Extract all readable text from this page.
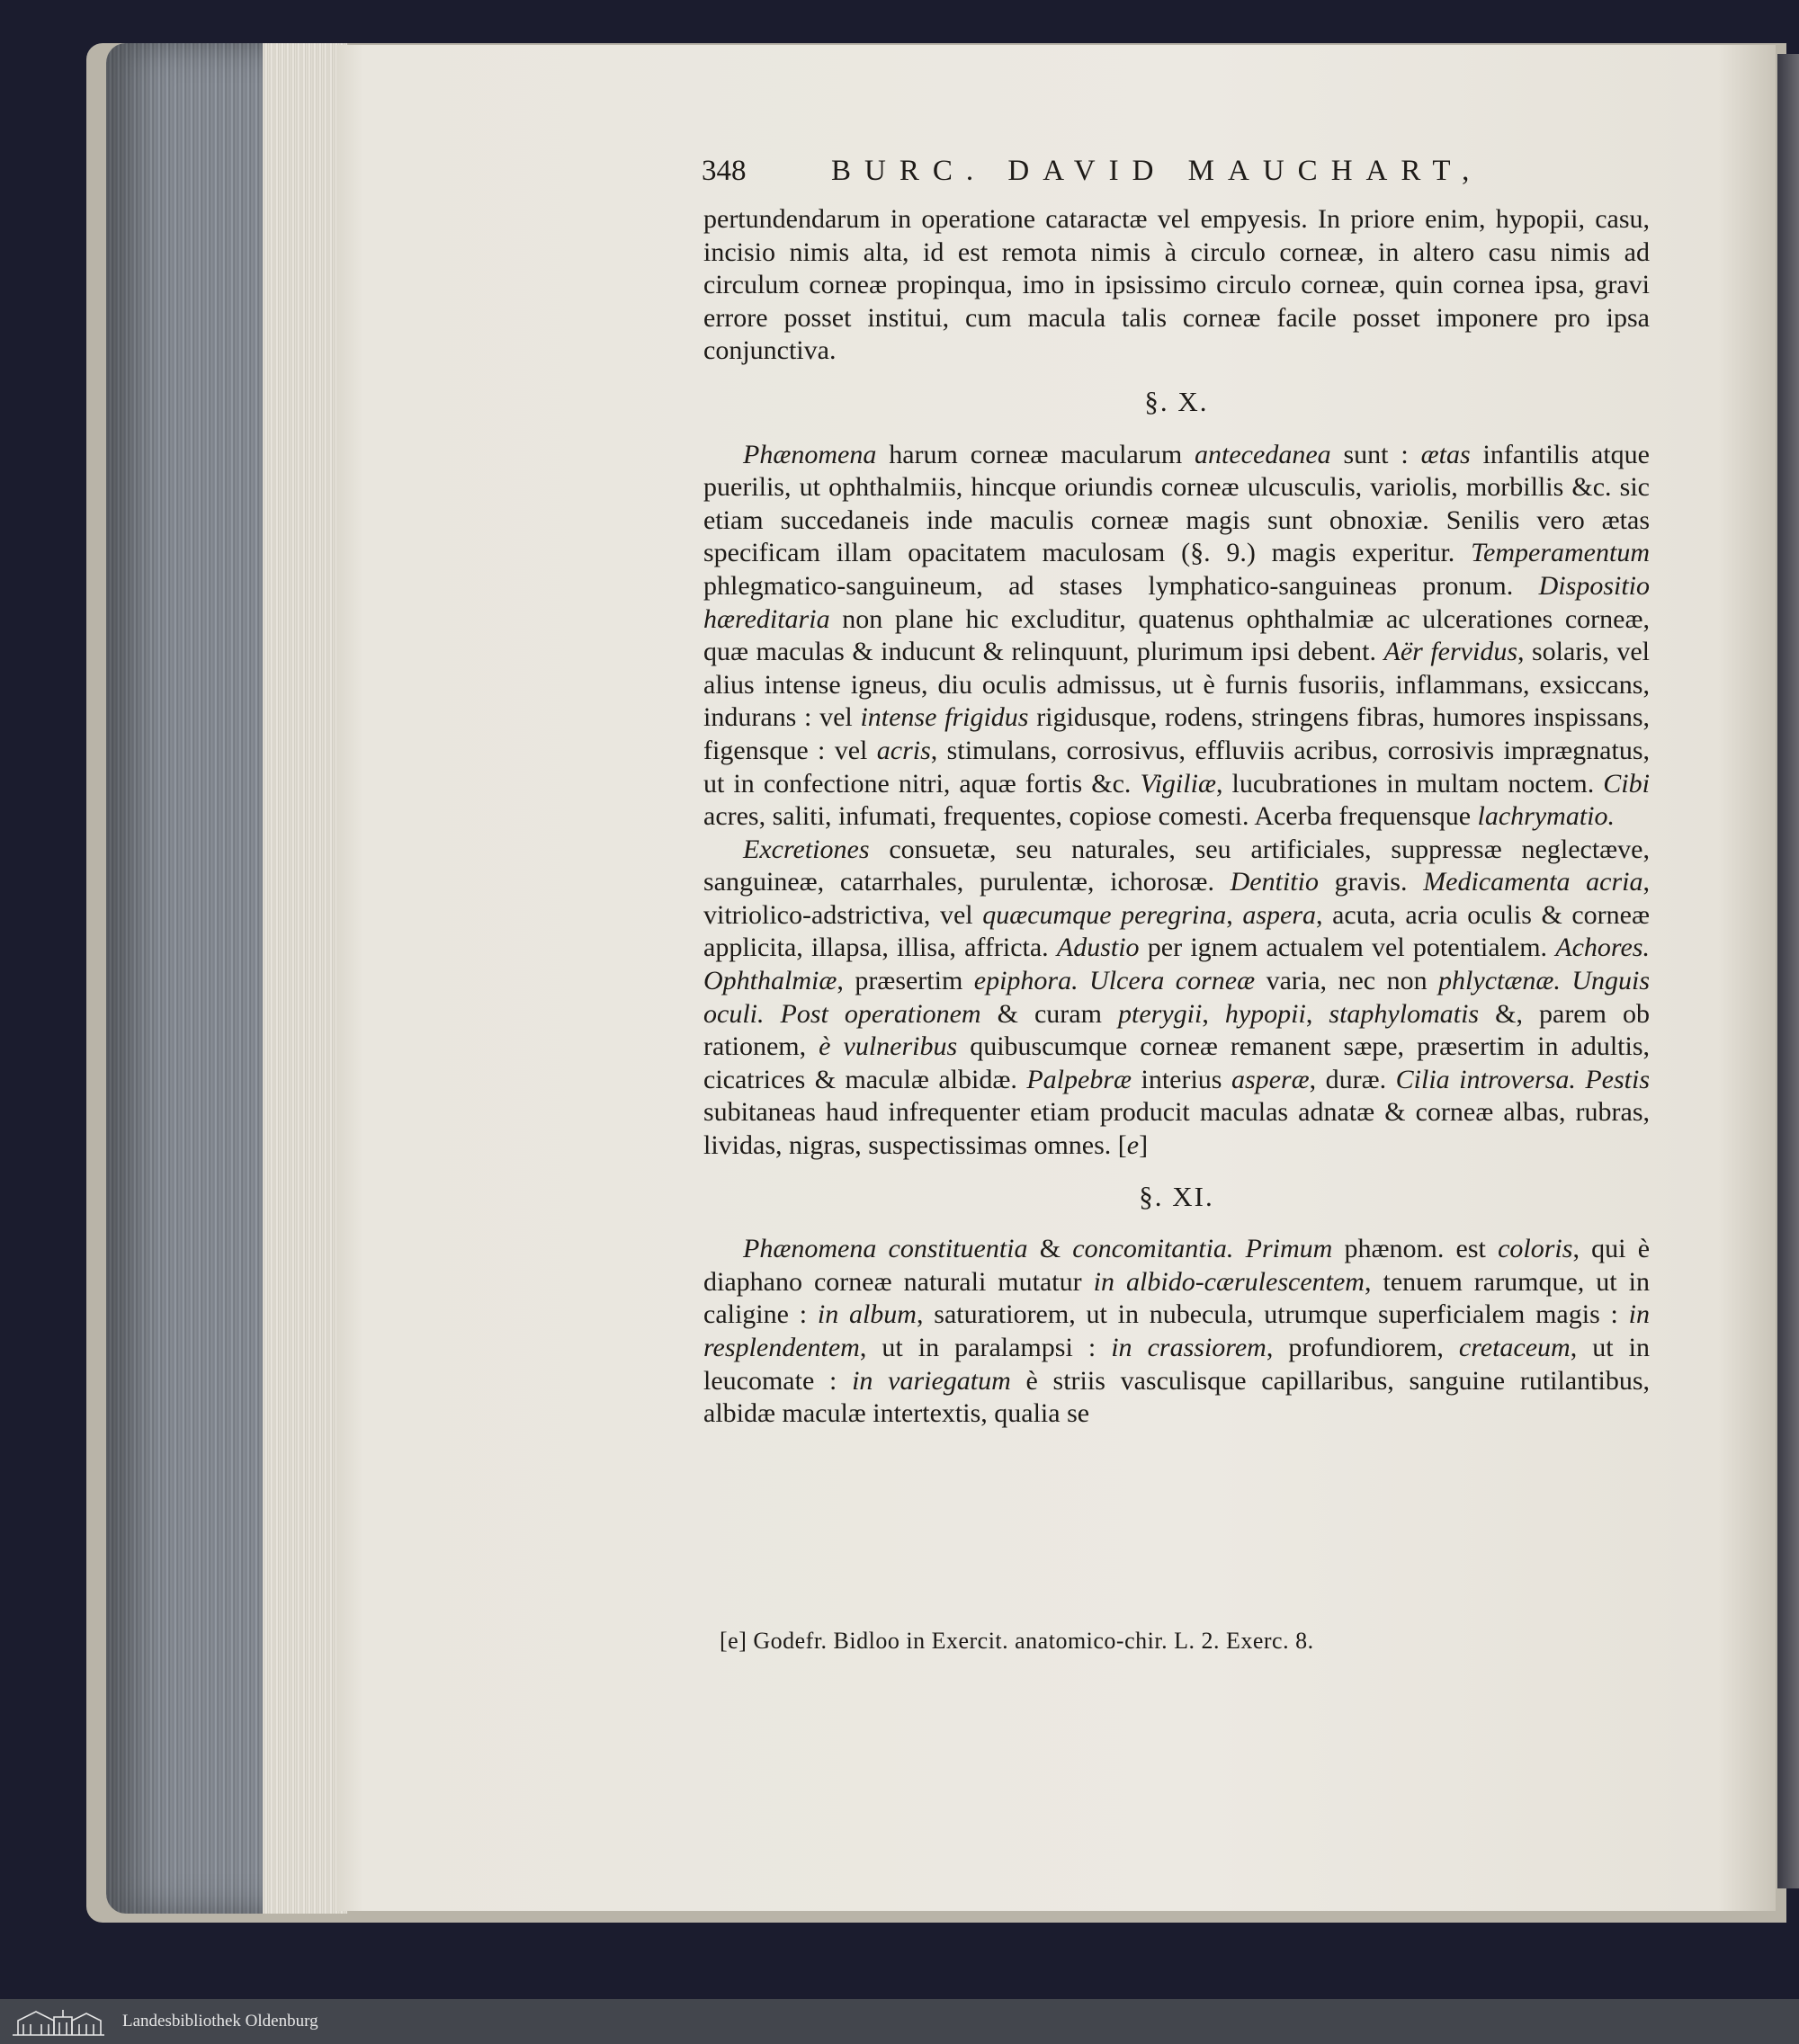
348	BURC. DAVID MAUCHART,

pertundendarum in operatione cataractæ vel empyesis. In priore enim, hypopii, casu, incisio nimis alta, id est remota nimis à circulo corneæ, in altero casu nimis ad circulum corneæ propinqua, imo in ipsissimo circulo corneæ, quin cornea ipsa, gravi errore posset institui, cum macula talis corneæ facile posset imponere pro ipsa conjunctiva.

§. X.

Phænomena harum corneæ macularum antecedanea sunt : ætas infantilis atque puerilis, ut ophthalmiis, hincque oriundis corneæ ulcusculis, variolis, morbillis &c. sic etiam succedaneis inde maculis corneæ magis sunt obnoxiæ. Senilis vero ætas specificam illam opacitatem maculosam (§. 9.) magis experitur. Temperamentum phlegmatico-sanguineum, ad stases lymphatico-sanguineas pronum. Dispositio hæreditaria non plane hic excluditur, quatenus ophthalmiæ ac ulcerationes corneæ, quæ maculas & inducunt & relinquunt, plurimum ipsi debent. Aër fervidus, solaris, vel alius intense igneus, diu oculis admissus, ut è furnis fusoriis, inflammans, exsiccans, indurans : vel intense frigidus rigidusque, rodens, stringens fibras, humores inspissans, figensque : vel acris, stimulans, corrosivus, effluviis acribus, corrosivis imprægnatus, ut in confectione nitri, aquæ fortis &c. Vigiliæ, lucubrationes in multam noctem. Cibi acres, saliti, infumati, frequentes, copiose comesti. Acerba frequensque lachrymatio.

Excretiones consuetæ, seu naturales, seu artificiales, suppressæ neglectæve, sanguineæ, catarrhales, purulentæ, ichorosæ. Dentitio gravis. Medicamenta acria, vitriolico-adstrictiva, vel quæcumque peregrina, aspera, acuta, acria oculis & corneæ applicita, illapsa, illisa, affricta. Adustio per ignem actualem vel potentialem. Achores. Ophthalmiæ, præsertim epiphora. Ulcera corneæ varia, nec non phlyctænæ. Unguis oculi. Post operationem & curam pterygii, hypopii, staphylomatis &, parem ob rationem, è vulneribus quibuscumque corneæ remanent sæpe, præsertim in adultis, cicatrices & maculæ albidæ. Palpebræ interius asperæ, duræ. Cilia introversa. Pestis subitaneas haud infrequenter etiam producit maculas adnatæ & corneæ albas, rubras, lividas, nigras, suspectissimas omnes. [e]

§. XI.

Phænomena constituentia & concomitantia. Primum phænom. est coloris, qui è diaphano corneæ naturali mutatur in albido-cærulescentem, tenuem rarumque, ut in caligine : in album, saturatiorem, ut in nubecula, utrumque superficialem magis : in resplendentem, ut in paralampsi : in crassiorem, profundiorem, cretaceum, ut in leucomate : in variegatum è striis vasculisque capillaribus, sanguine rutilantibus, albidæ maculæ intertextis, qualia se

[e] Godefr. Bidloo in Exercit. anatomico-chir. L. 2. Exerc. 8.
Landesbibliothek Oldenburg
